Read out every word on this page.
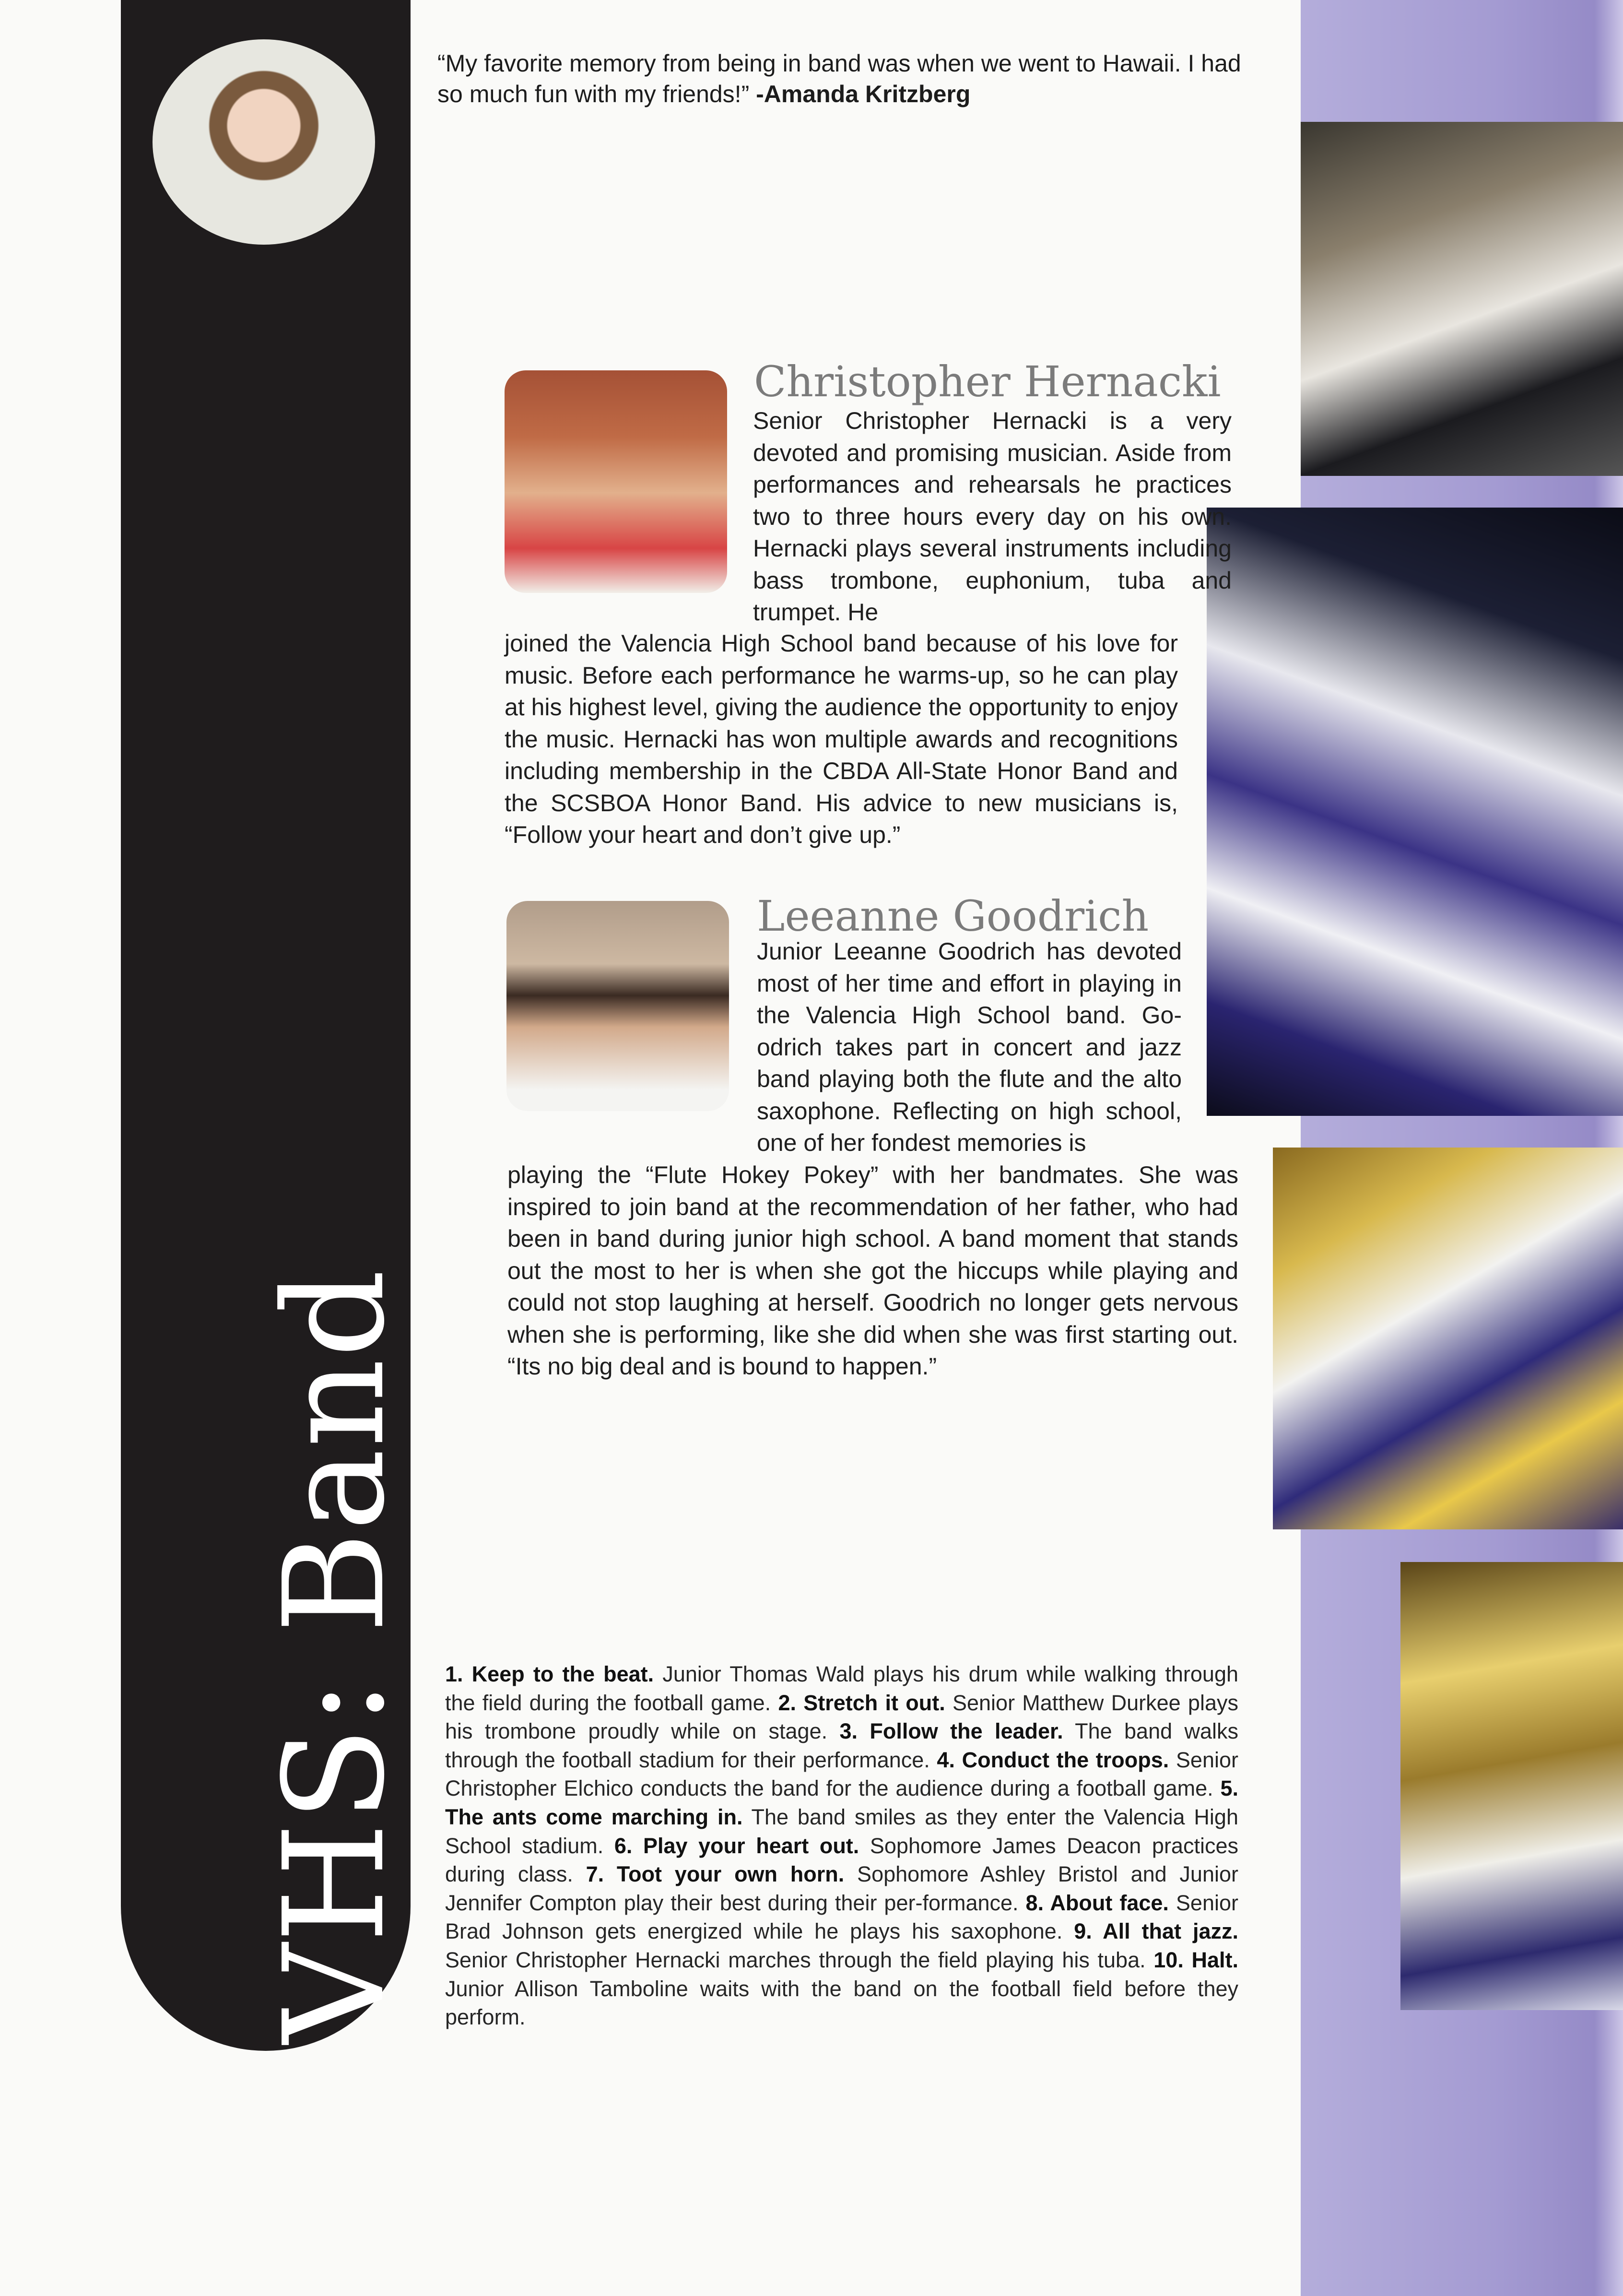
VHS: Band
“My favorite memory from being in band was when we went to Hawaii. I had so much fun with my friends!” -Amanda Kritzberg
Christopher Hernacki
Senior Christopher Hernacki is a very devoted and promising musician. Aside from performances and rehearsals he practices two to three hours every day on his own. Hernacki plays several instruments including bass trombone, euphonium, tuba and trumpet. He
joined the Valencia High School band because of his love for music. Before each performance he warms-up, so he can play at his highest level, giving the audience the opportunity to enjoy the music. Hernacki has won multiple awards and recognitions including membership in the CBDA All-State Honor Band and the SCSBOA Honor Band. His advice to new musicians is, “Follow your heart and don’t give up.”
Leeanne Goodrich
Junior Leeanne Goodrich has devoted most of her time and effort in playing in the Valencia High School band. Go-odrich takes part in concert and jazz band playing both the flute and the alto saxophone. Reflecting on high school, one of her fondest memories is
playing the “Flute Hokey Pokey” with her bandmates. She was inspired to join band at the recommendation of her father, who had been in band during junior high school. A band moment that stands out the most to her is when she got the hiccups while playing and could not stop laughing at herself. Goodrich no longer gets nervous when she is performing, like she did when she was first starting out. “Its no big deal and is bound to happen.”
1. Keep to the beat. Junior Thomas Wald plays his drum while walking through the field during the football game. 2. Stretch it out. Senior Matthew Durkee plays his trombone proudly while on stage. 3. Follow the leader. The band walks through the football stadium for their performance. 4. Conduct the troops. Senior Christopher Elchico conducts the band for the audience during a football game. 5. The ants come marching in. The band smiles as they enter the Valencia High School stadium. 6. Play your heart out. Sophomore James Deacon practices during class. 7. Toot your own horn. Sophomore Ashley Bristol and Junior Jennifer Compton play their best during their per-formance. 8. About face. Senior Brad Johnson gets energized while he plays his saxophone. 9. All that jazz. Senior Christopher Hernacki marches through the field playing his tuba. 10. Halt. Junior Allison Tamboline waits with the band on the football field before they perform.
